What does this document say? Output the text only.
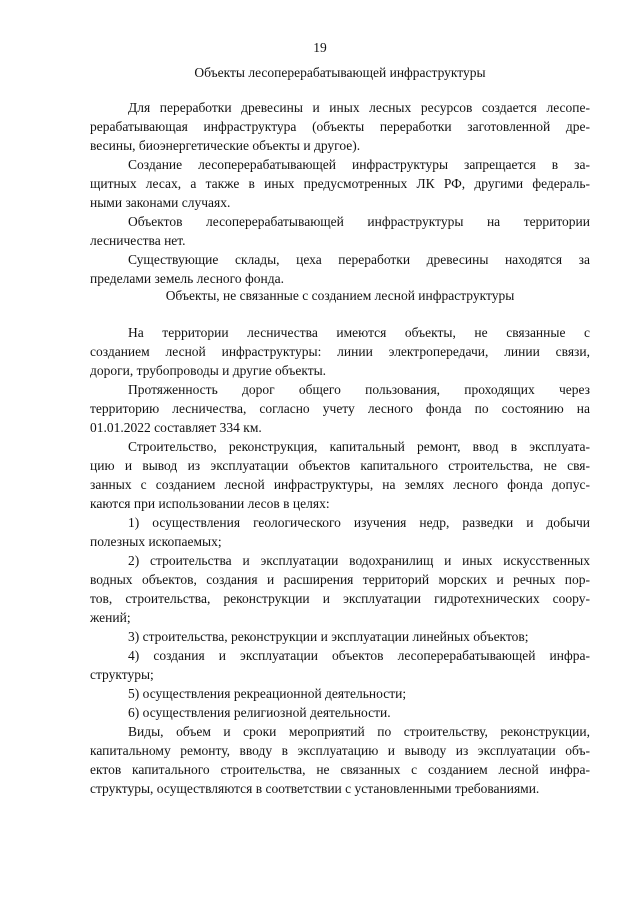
19
Объекты лесоперерабатывающей инфраструктуры

Для переработки древесины и иных лесных ресурсов создается лесопе-
рерабатывающая инфраструктура (объекты переработки заготовленной дре-
весины, биоэнергетические объекты и другое).

Создание лесоперерабатывающей инфраструктуры запрещается в за-
щитных лесах, а также в иных предусмотренных ЛК РФ, другими федераль-
ными законами случаях.

Объектов лесоперерабатывающей инфраструктуры на территории
лесничества нет.

Существующие склады, цеха переработки древесины находятся за
пределами земель лесного фонда.

Объекты, не связанные с созданием лесной инфраструктуры

На территории лесничества имеются объекты, не связанные с
созданием лесной инфраструктуры: линии электропередачи, линии связи,
дороги, трубопроводы и другие объекты.

Протяженность дорог общего пользования, проходящих через
территорию лесничества, согласно учету лесного фонда по состоянию на
01.01.2022 составляет 334 км.

Строительство, реконструкция, капитальный ремонт, ввод в эксплуата-
цию и вывод из эксплуатации объектов капитального строительства, не свя-
занных с созданием лесной инфраструктуры, на землях лесного фонда допус-
каются при использовании лесов в целях:

1) осуществления геологического изучения недр, разведки и добычи
полезных ископаемых;

2) строительства и эксплуатации водохранилищ и иных искусственных
водных объектов, создания и расширения территорий морских и речных пор-
тов, строительства, реконструкции и эксплуатации гидротехнических соору-
жений;

3) строительства, реконструкции и эксплуатации линейных объектов;

4) создания и эксплуатации объектов лесоперерабатывающей инфра-
структуры;

5) осуществления рекреационной деятельности;

6) осуществления религиозной деятельности.

Виды, объем и сроки мероприятий по строительству, реконструкции,
капитальному ремонту, вводу в эксплуатацию и выводу из эксплуатации объ-
ектов капитального строительства, не связанных с созданием лесной инфра-
структуры, осуществляются в соответствии с установленными требованиями.
